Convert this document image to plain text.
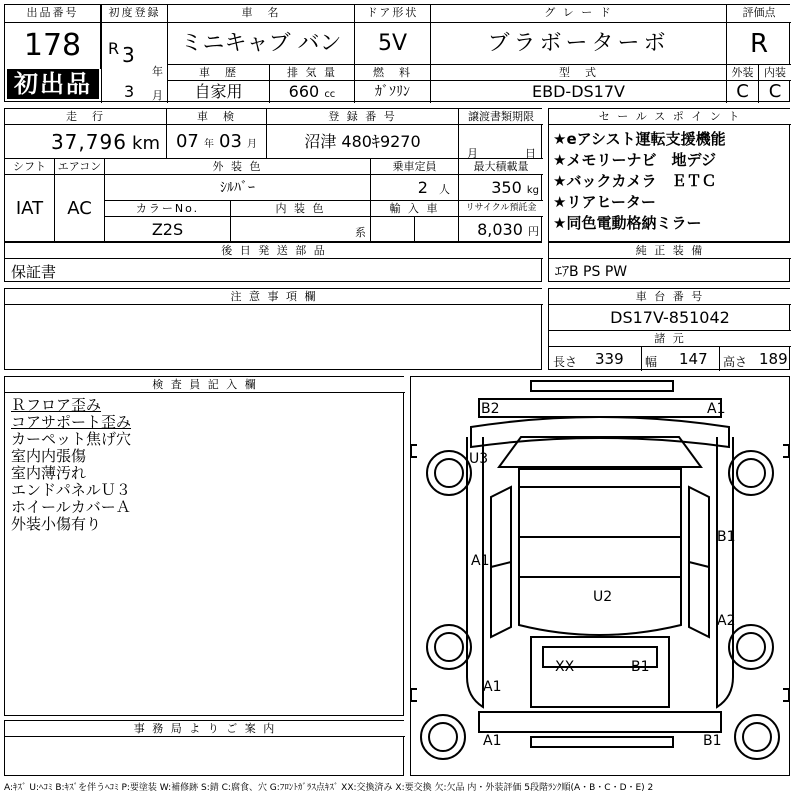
出品番号
178
初出品
初度登録
R 3
年
3 月
車　名
ミニキャブ バン
車　歴	排 気 量
自家用	660 cc
ドア形状
5V
燃　料
ｶﾞｿﾘﾝ
グ レ ー ド
ブラボーターボ
型　式
EBD-DS17V
評価点
R
外装 内装
C	C
走　行
37,796 km
車　検
07 年 03 月
登 録 番 号
沼津 480ｷ9270
譲渡書類期限
月	日
シフト
IAT
エアコン
AC
外 装 色
ｼﾙﾊﾞｰ
乗車定員
2 人
最大積載量
350 kg
カラーNo.
Z2S
内 装 色
系
輸 入 車	リサイクル預託金
8,030 円
セ ー ル ス ポ イ ン ト
★eアシスト運転支援機能
★メモリーナビ　地デジ
★バックカメラ　ＥＴＣ
★リアヒーター
★同色電動格納ミラー
後 日 発 送 部 品
保証書
純 正 装 備
ｴｱB PS PW
注 意 事 項 欄	車 台 番 号
DS17V-851042
諸 元
長さ 339 幅 147 高さ 189
検 査 員 記 入 欄
Ｒフロア歪み
コアサポート歪み
カーペット焦げ穴
室内内張傷
室内薄汚れ
エンドパネルＵ３
ホイールカバーＡ
外装小傷有り
事 務 局 よ り ご 案 内
B2	A1
U3
B1
A1
U2
A2
XX	B1
A1
A1	B1
A:ｷｽﾞ U:ﾍｺﾐ B:ｷｽﾞを伴うﾍｺﾐ P:要塗装 W:補修跡 S:錆 C:腐食、穴 G:ﾌﾛﾝﾄｶﾞﾗｽ点ｷｽﾞ XX:交換済み X:要交換 欠:欠品 内・外装評価 5段階ﾗﾝｸ順(A・B・C・D・E) 2
